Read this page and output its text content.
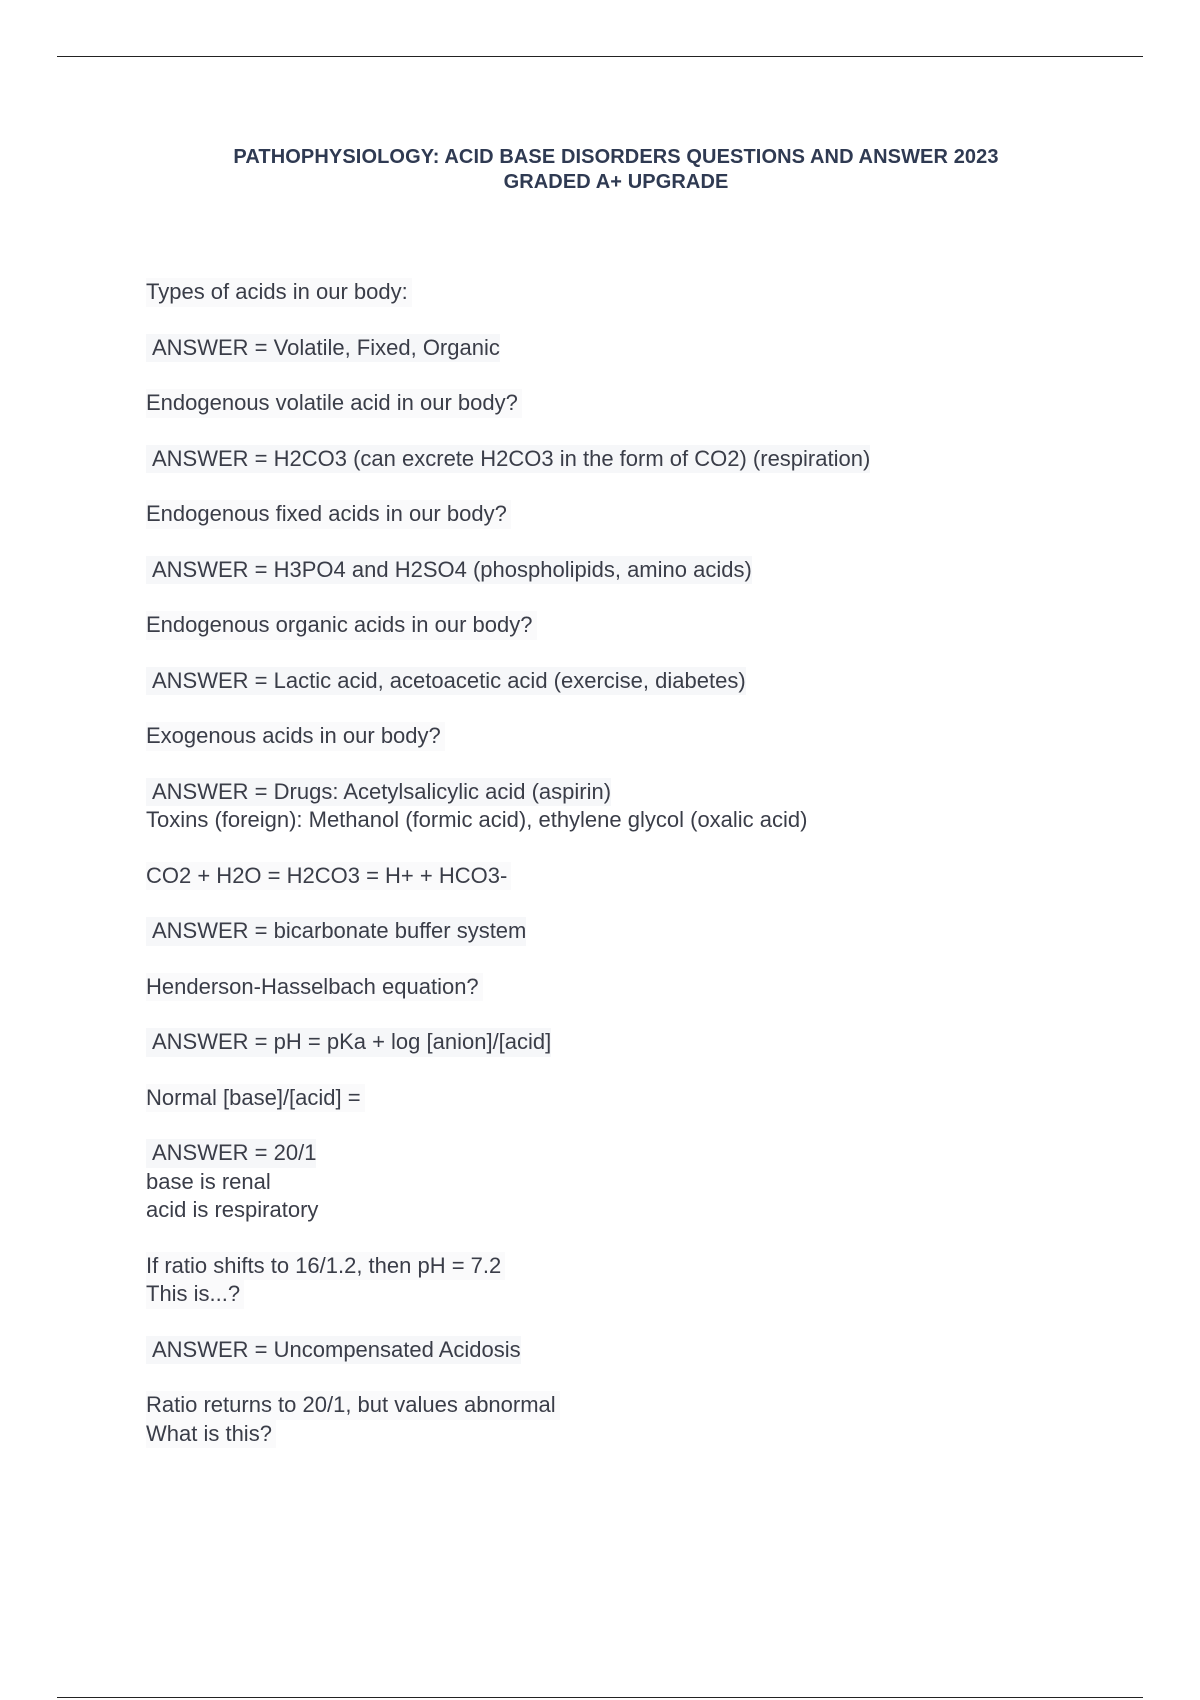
PATHOPHYSIOLOGY: ACID BASE DISORDERS QUESTIONS AND ANSWER 2023
GRADED A+ UPGRADE
Types of acids in our body:
ANSWER = Volatile, Fixed, Organic
Endogenous volatile acid in our body?
ANSWER = H2CO3 (can excrete H2CO3 in the form of CO2) (respiration)
Endogenous fixed acids in our body?
ANSWER = H3PO4 and H2SO4 (phospholipids, amino acids)
Endogenous organic acids in our body?
ANSWER = Lactic acid, acetoacetic acid (exercise, diabetes)
Exogenous acids in our body?
ANSWER = Drugs: Acetylsalicylic acid (aspirin)
Toxins (foreign): Methanol (formic acid), ethylene glycol (oxalic acid)
CO2 + H2O = H2CO3 = H+ + HCO3-
ANSWER = bicarbonate buffer system
Henderson-Hasselbach equation?
ANSWER = pH = pKa + log [anion]/[acid]
Normal [base]/[acid] =
ANSWER = 20/1
base is renal
acid is respiratory
If ratio shifts to 16/1.2, then pH = 7.2
This is...?
ANSWER = Uncompensated Acidosis
Ratio returns to 20/1, but values abnormal
What is this?
